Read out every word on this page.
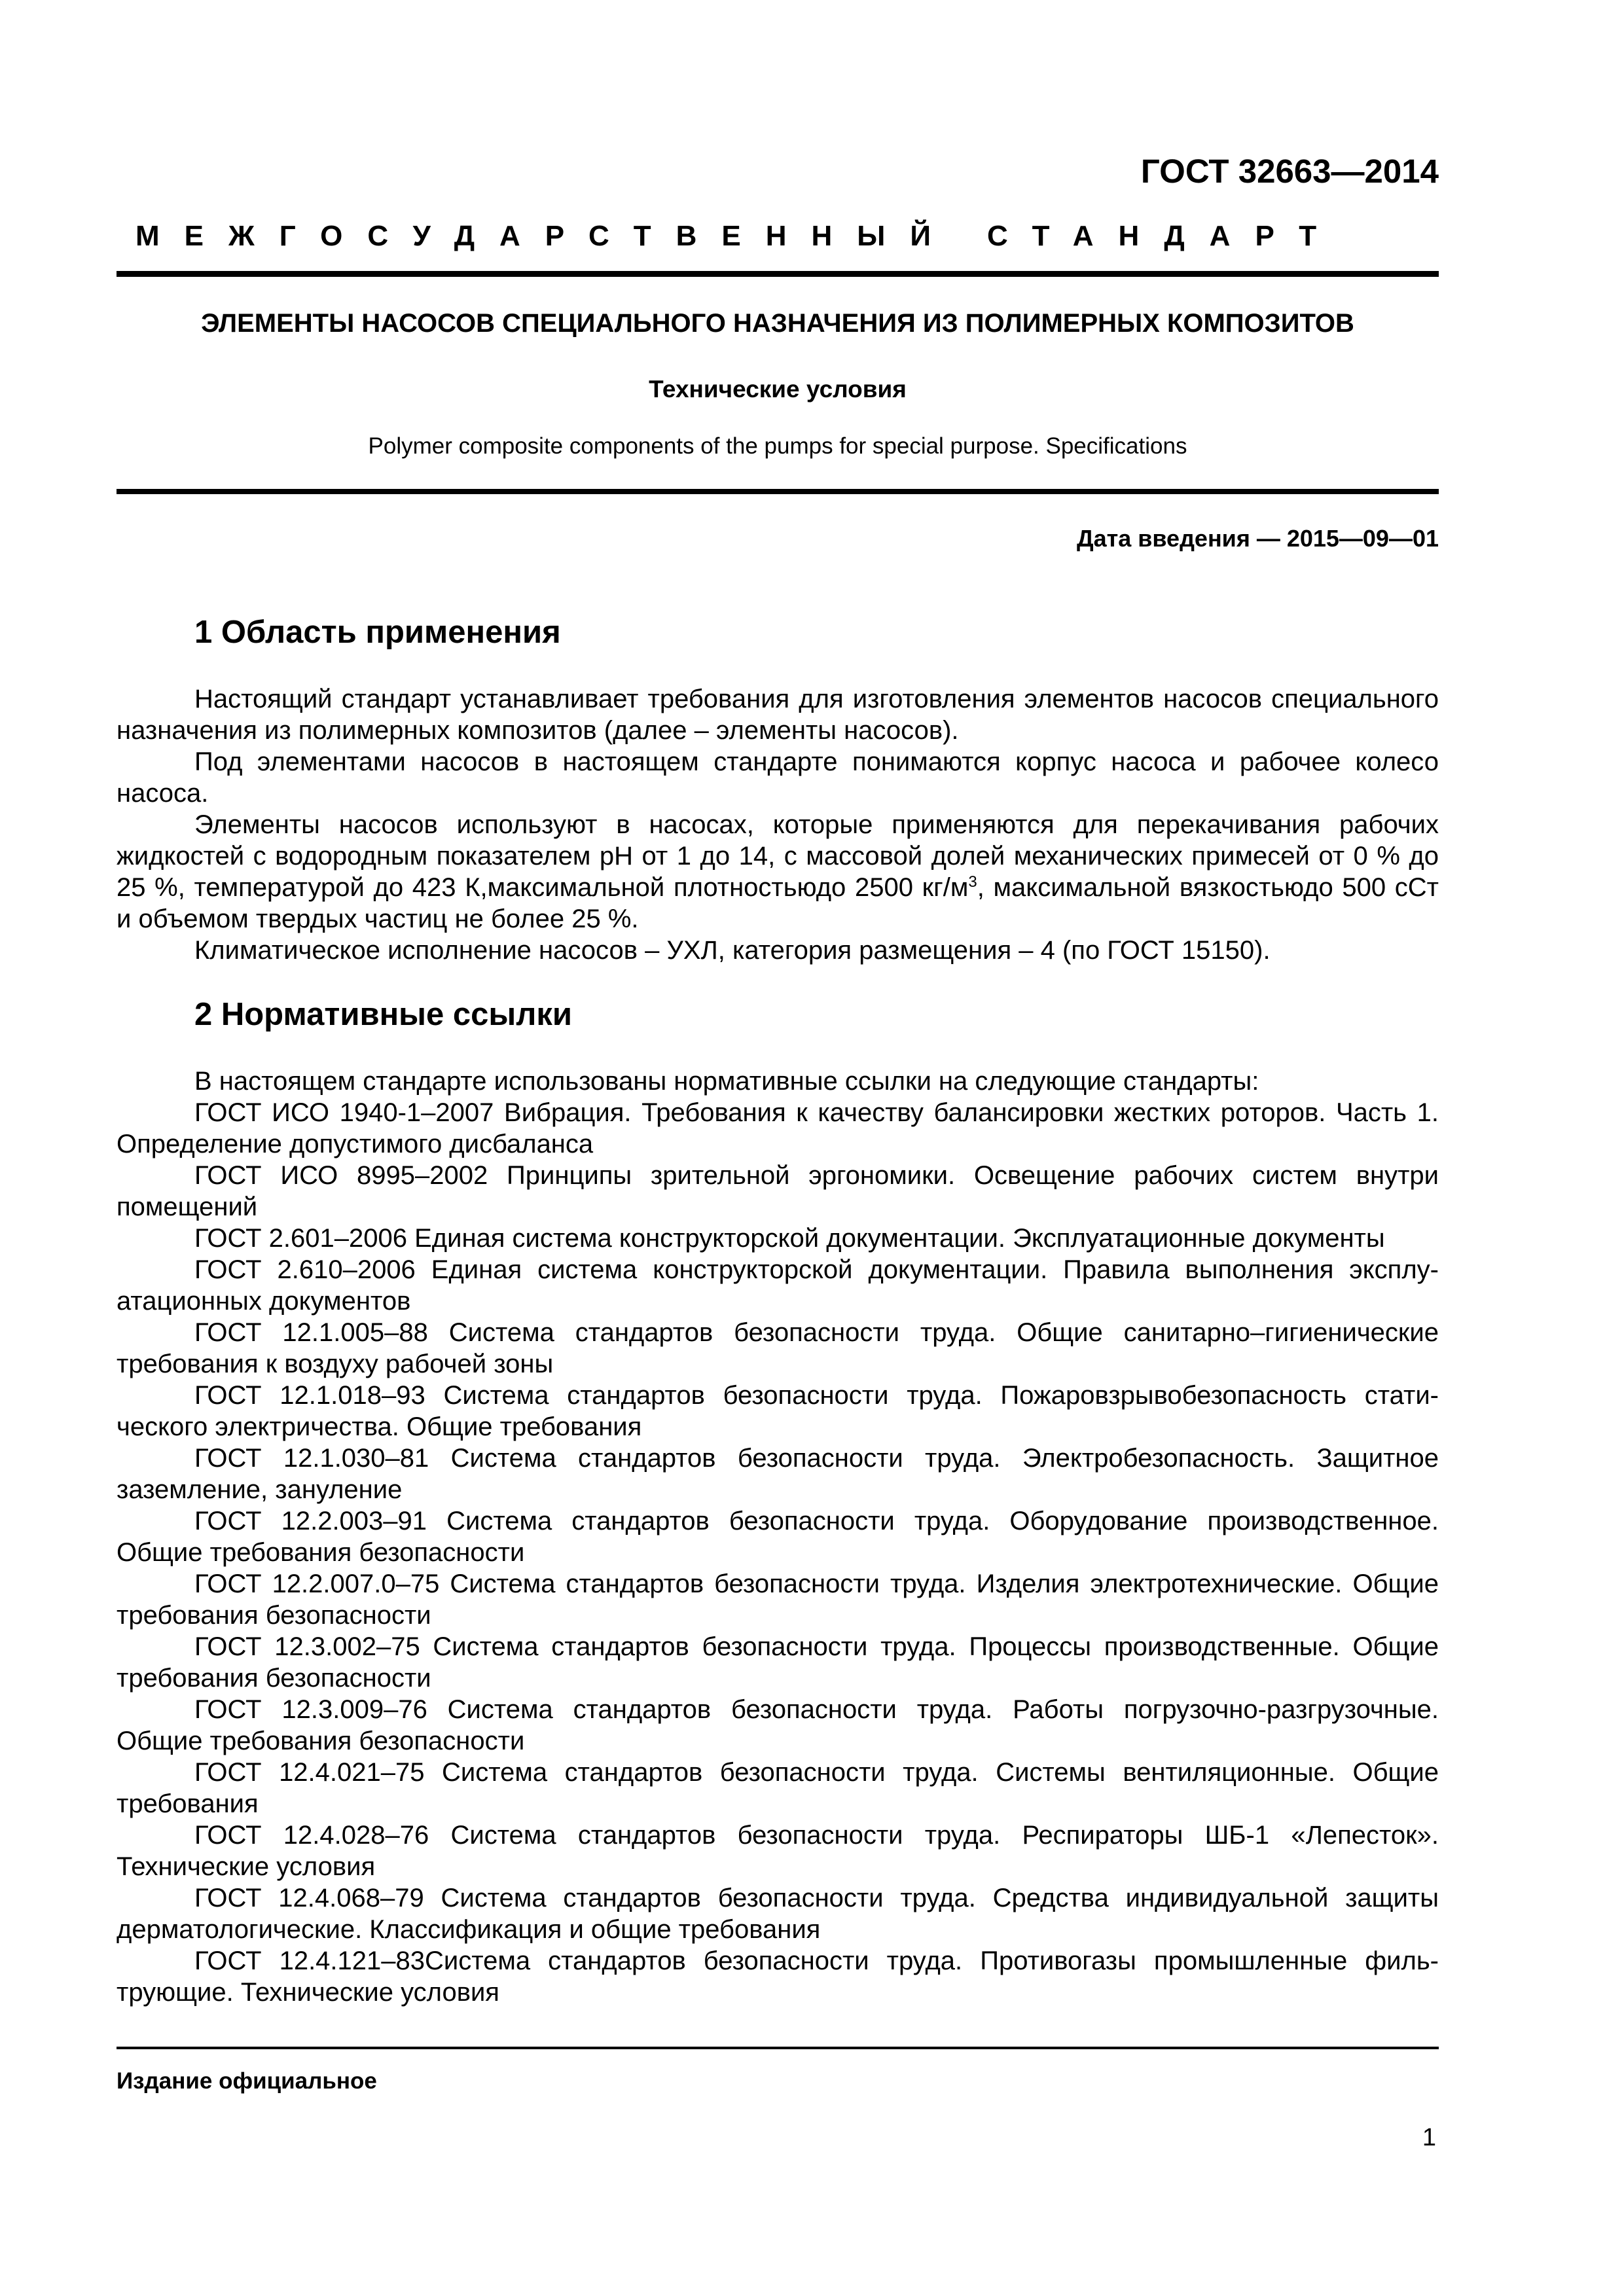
ГОСТ 32663—2014
МЕЖГОСУДАРСТВЕННЫЙ СТАНДАРТ
ЭЛЕМЕНТЫ НАСОСОВ СПЕЦИАЛЬНОГО НАЗНАЧЕНИЯ ИЗ ПОЛИМЕРНЫХ КОМПОЗИТОВ
Технические условия
Polymer composite components of the pumps for special purpose. Specifications
Дата введения — 2015—09—01
1 Область применения

Настоящий стандарт устанавливает требования для изготовления элементов насосов специального назначения из полимерных композитов (далее – элементы насосов).

Под элементами насосов в настоящем стандарте понимаются корпус насоса и рабочее колесо насоса.

Элементы насосов используют в насосах, которые применяются для перекачивания рабочих жидкостей с водородным показателем pH от 1 до 14, с массовой долей механических примесей от 0 % до 25 %, температурой до 423 К,максимальной плотностьюдо 2500 $кг/м^3$, максимальной вязкостьюдо 500 сСт и объемом твердых частиц не более 25 %.

Климатическое исполнение насосов – УХЛ, категория размещения – 4 (по ГОСТ 15150).

2 Нормативные ссылки

В настоящем стандарте использованы нормативные ссылки на следующие стандарты:

ГОСТ ИСО 1940-1–2007 Вибрация. Требования к качеству балансировки жестких роторов. Часть 1. Определение допустимого дисбаланса

ГОСТ ИСО 8995–2002 Принципы зрительной эргономики. Освещение рабочих систем внутри помещений

ГОСТ 2.601–2006 Единая система конструкторской документации. Эксплуатационные документы

ГОСТ 2.610–2006 Единая система конструкторской документации. Правила выполнения эксплуатационных документов

ГОСТ 12.1.005–88 Система стандартов безопасности труда. Общие санитарно–гигиенические требования к воздуху рабочей зоны

ГОСТ 12.1.018–93 Система стандартов безопасности труда. Пожаровзрывобезопасность статического электричества. Общие требования

ГОСТ 12.1.030–81 Система стандартов безопасности труда. Электробезопасность. Защитное заземление, зануление

ГОСТ 12.2.003–91 Система стандартов безопасности труда. Оборудование производственное. Общие требования безопасности

ГОСТ 12.2.007.0–75 Система стандартов безопасности труда. Изделия электротехнические. Общие требования безопасности

ГОСТ 12.3.002–75 Система стандартов безопасности труда. Процессы производственные. Общие требования безопасности

ГОСТ 12.3.009–76 Система стандартов безопасности труда. Работы погрузочно-разгрузочные. Общие требования безопасности

ГОСТ 12.4.021–75 Система стандартов безопасности труда. Системы вентиляционные. Общие требования

ГОСТ 12.4.028–76 Система стандартов безопасности труда. Респираторы ШБ-1 «Лепесток». Технические условия

ГОСТ 12.4.068–79 Система стандартов безопасности труда. Средства индивидуальной защиты дерматологические. Классификация и общие требования

ГОСТ 12.4.121–83Система стандартов безопасности труда. Противогазы промышленные фильтрующие. Технические условия

Издание официальное
1
